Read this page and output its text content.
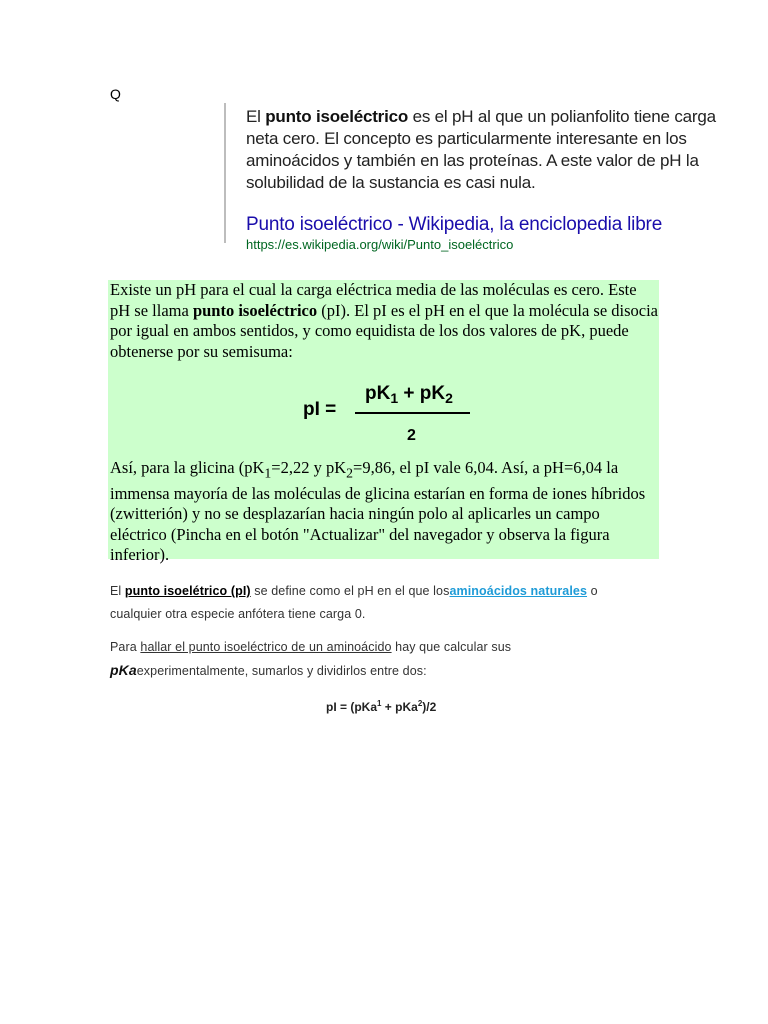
Q
El punto isoeléctrico es el pH al que un polianfolito tiene carga neta cero. El concepto es particularmente interesante en los aminoácidos y también en las proteínas. A este valor de pH la solubilidad de la sustancia es casi nula.
Punto isoeléctrico - Wikipedia, la enciclopedia libre
https://es.wikipedia.org/wiki/Punto_isoeléctrico

Existe un pH para el cual la carga eléctrica media de las moléculas es cero. Este pH se llama punto isoeléctrico (pI). El pI es el pH en el que la molécula se disocia por igual en ambos sentidos, y como equidista de los dos valores de pK, puede obtenerse por su semisuma:

pI =
$pK_1 + pK_2$
2

Así, para la glicina ($pK_1=2,22$ y $pK_2=9,86$, el pI vale 6,04. Así, a pH=6,04 la immensa mayoría de las moléculas de glicina estarían en forma de iones híbridos (zwitterión) y no se desplazarían hacia ningún polo al aplicarles un campo eléctrico (Pincha en el botón "Actualizar" del navegador y observa la figura inferior).

El punto isoelétrico (pI) se define como el pH en el que losaminoácidos naturales o cualquier otra especie anfótera tiene carga 0.
Para hallar el punto isoeléctrico de un aminoácido hay que calcular sus pKaexperimentalmente, sumarlos y dividirlos entre dos:
pI = (pKa$^1$ + pKa$^2$)/2
